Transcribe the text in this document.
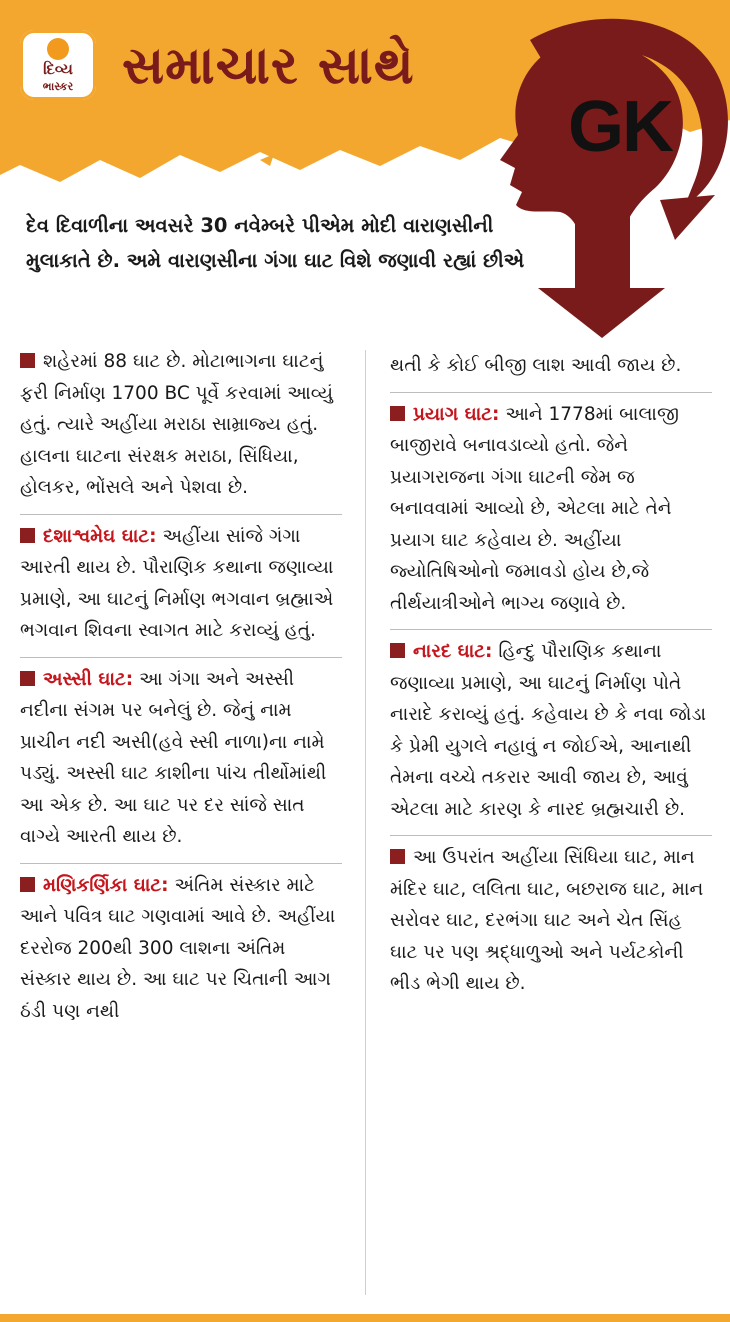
દિવ્ય
ભાસ્કર સમાચાર સાથે
GK
દેવ દિવાળીના અવસરે 30 નવેમ્બરે પીએમ મોદી વારાણસીની મુલાકાતે છે. અમે વારાણસીના ગંગા ઘાટ વિશે જણાવી રહ્યાં છીએ
શહેરમાં 88 ઘાટ છે. મોટાભાગના ઘાટનું ફરી નિર્માણ 1700 BC પૂર્વે કરવામાં આવ્યું હતું. ત્યારે અહીંયા મરાઠા સામ્રાજ્ય હતું. હાલના ઘાટના સંરક્ષક મરાઠા, સિંધિયા, હોલકર, ભોંસલે અને પેશવા છે.
દશાશ્વમેઘ ઘાટ: અહીંયા સાંજે ગંગા આરતી થાય છે. પૌરાણિક કથાના જણાવ્યા પ્રમાણે, આ ઘાટનું નિર્માણ ભગવાન બ્રહ્માએ ભગવાન શિવના સ્વાગત માટે કરાવ્યું હતું.
અસ્સી ઘાટ: આ ગંગા અને અસ્સી નદીના સંગમ પર બનેલું છે. જેનું નામ પ્રાચીન નદી અસી(હવે સ્સી નાળા)ના નામે પડ્યું. અસ્સી ઘાટ કાશીના પાંચ તીર્થોમાંથી આ એક છે. આ ઘાટ પર દર સાંજે સાત વાગ્યે આરતી થાય છે.
મણિકર્ણિકા ઘાટ: અંતિમ સંસ્કાર માટે આને પવિત્ર ઘાટ ગણવામાં આવે છે. અહીંયા દરરોજ 200થી 300 લાશના અંતિમ સંસ્કાર થાય છે. આ ઘાટ પર ચિતાની આગ ઠંડી પણ નથી
થતી કે કોઈ બીજી લાશ આવી જાય છે.
પ્રયાગ ઘાટ: આને 1778માં બાલાજી બાજીરાવે બનાવડાવ્યો હતો. જેને પ્રયાગરાજના ગંગા ઘાટની જેમ જ બનાવવામાં આવ્યો છે, એટલા માટે તેને પ્રયાગ ઘાટ કહેવાય છે. અહીંયા જ્યોતિષિઓનો જમાવડો હોય છે,જે તીર્થયાત્રીઓને ભાગ્ય જણાવે છે.
નારદ ઘાટ: હિન્દુ પૌરાણિક કથાના જણાવ્યા પ્રમાણે, આ ઘાટનું નિર્માણ પોતે નારાદે કરાવ્યું હતું. કહેવાય છે કે નવા જોડા કે પ્રેમી યુગલે નહાવું ન જોઈએ, આનાથી તેમના વચ્ચે તકરાર આવી જાય છે, આવું એટલા માટે કારણ કે નારદ બ્રહ્મચારી છે.
આ ઉપરાંત અહીંયા સિંધિયા ઘાટ, માન મંદિર ઘાટ, લલિતા ઘાટ, બછરાજ ઘાટ, માન સરોવર ઘાટ, દરભંગા ઘાટ અને ચેત સિંહ ઘાટ પર પણ શ્રદ્ધાળુઓ અને પર્યટકોની ભીડ ભેગી થાય છે.
